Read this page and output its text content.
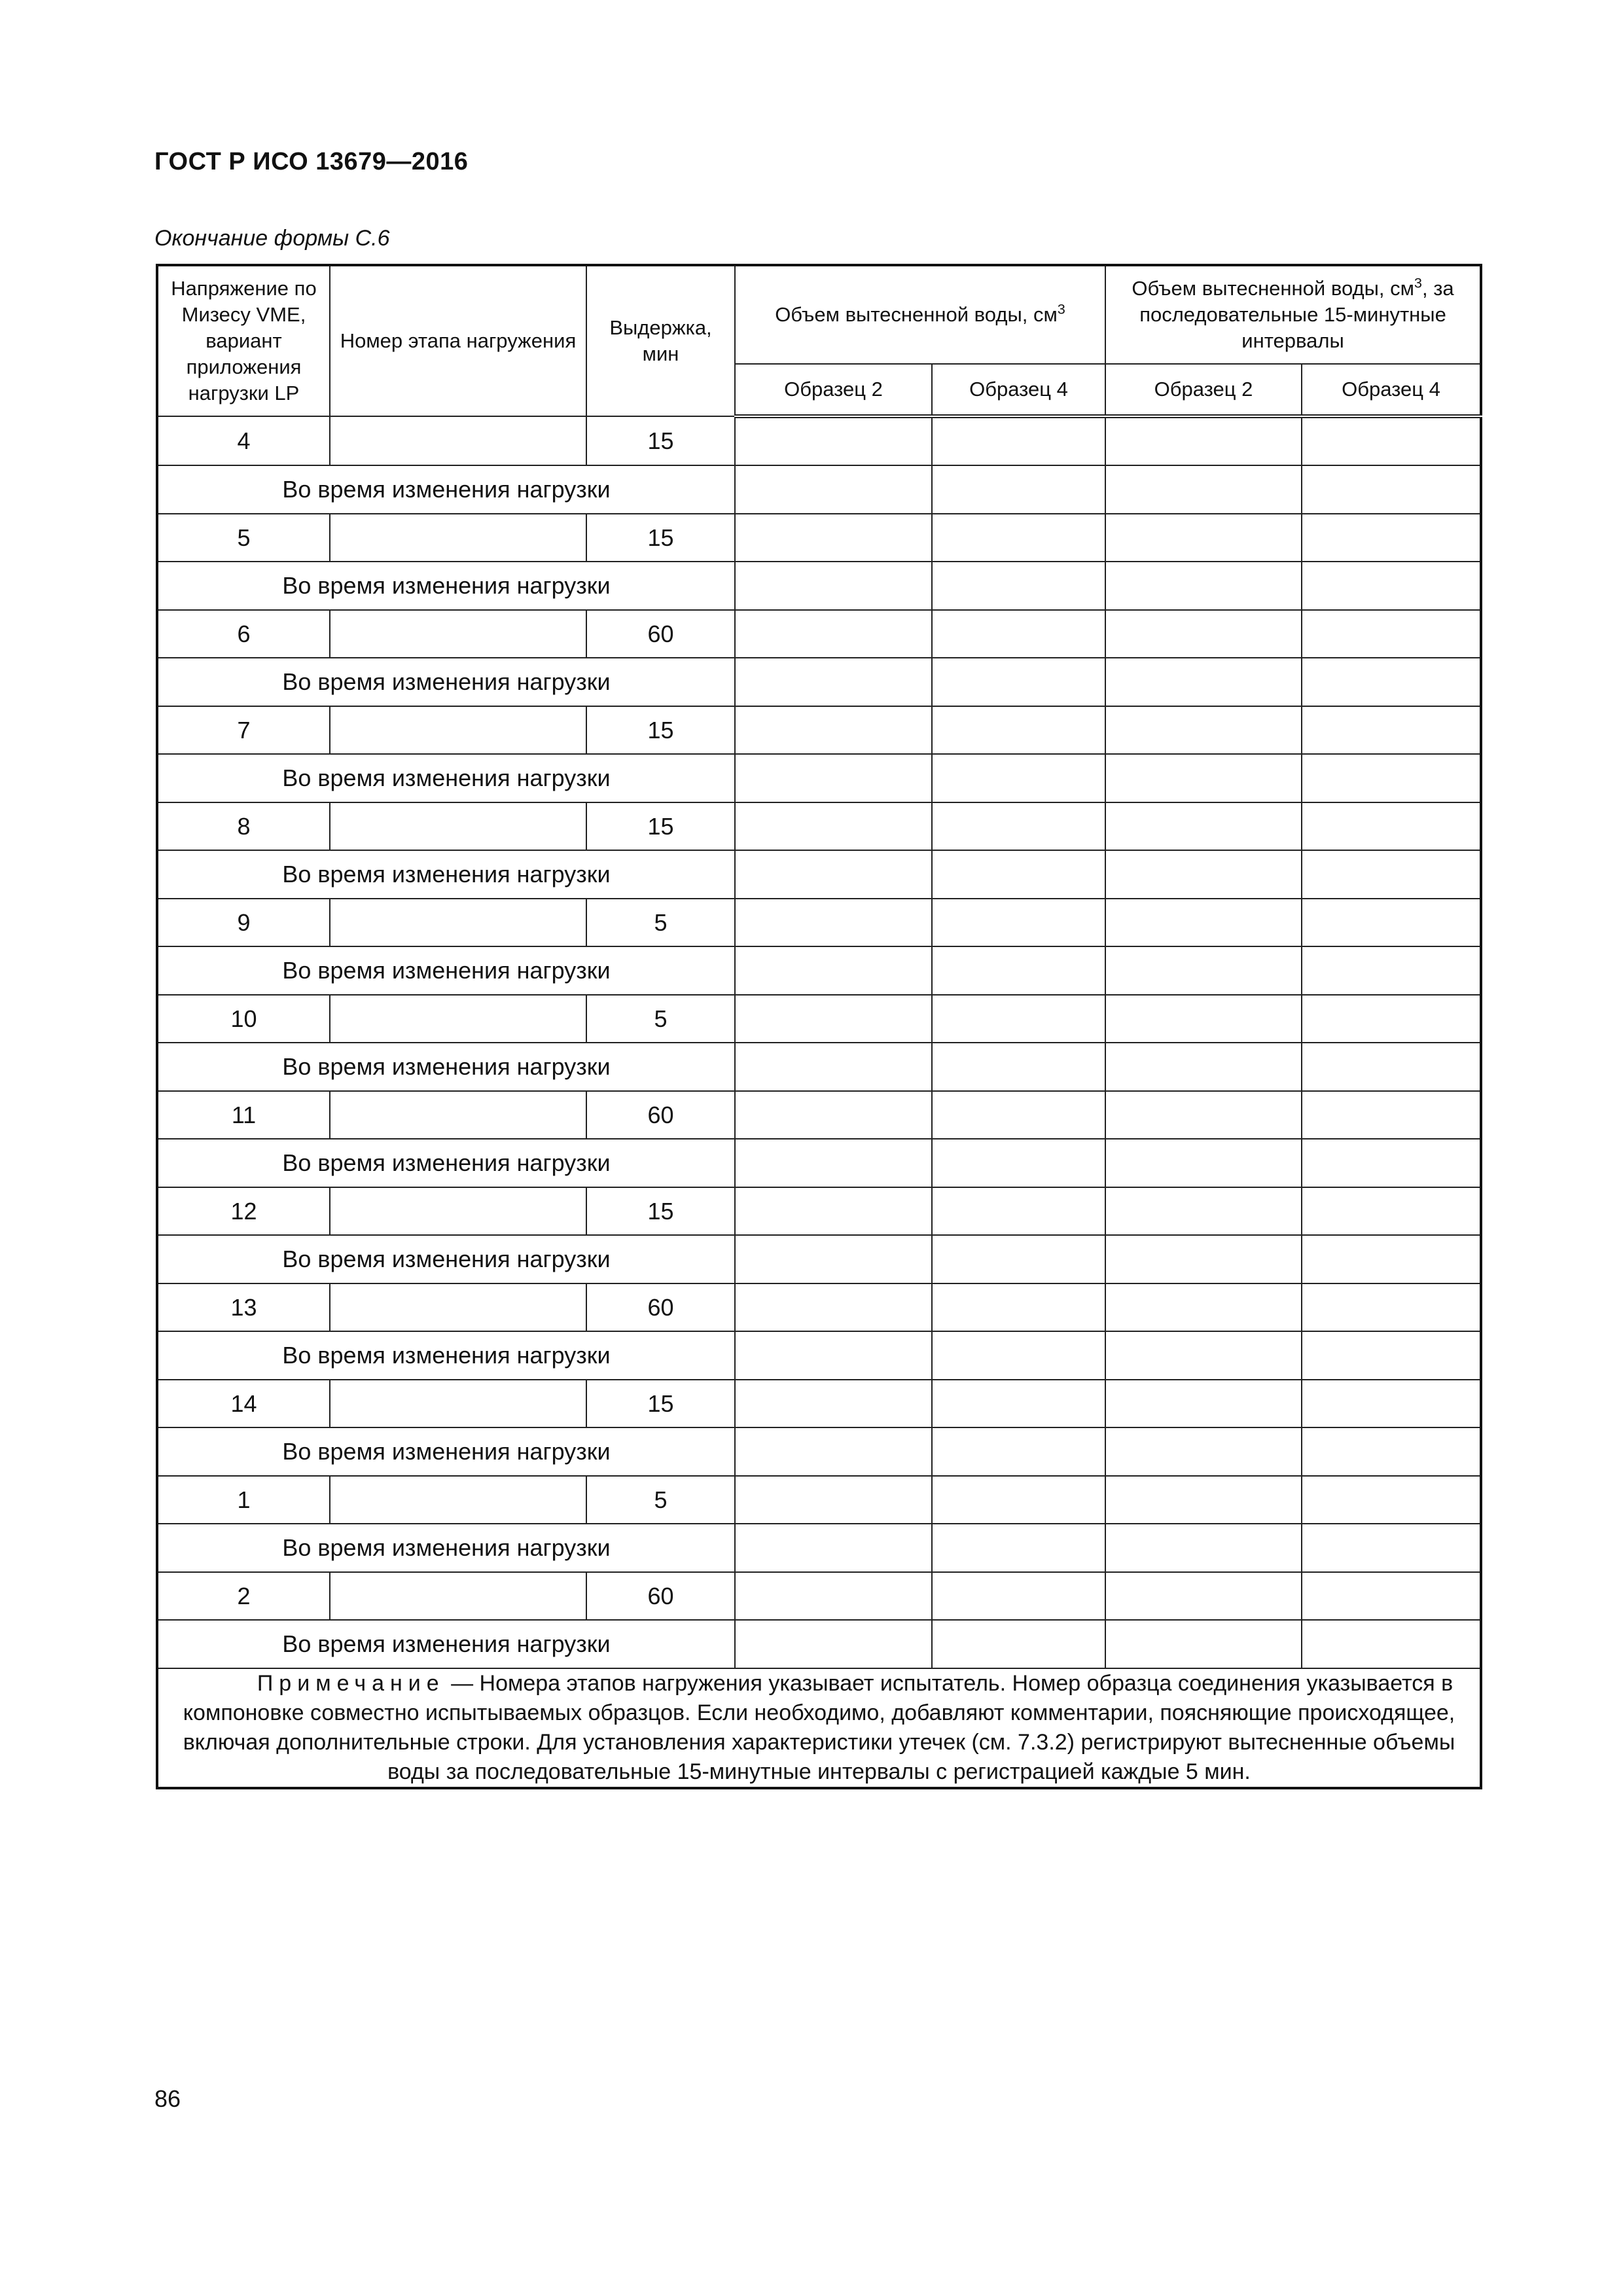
ГОСТ Р ИСО 13679—2016
Окончание формы С.6
Напряжение по Мизесу VME, вариант приложения нагрузки LP	Номер этапа нагружения	Выдержка, мин	Объем вытесненной воды, $см^3$		Объем вытесненной воды, $см^3$, за последовательные 15-минутные интервалы	
			Образец 2	Образец 4	Образец 2	Образец 4
4		15				
Во время изменения нагрузки						
5		15				
Во время изменения нагрузки						
6		60				
Во время изменения нагрузки						
7		15				
Во время изменения нагрузки						
8		15				
Во время изменения нагрузки						
9		5				
Во время изменения нагрузки						
10		5				
Во время изменения нагрузки						
11		60				
Во время изменения нагрузки						
12		15				
Во время изменения нагрузки						
13		60				
Во время изменения нагрузки						
14		15				
Во время изменения нагрузки						
1		5				
Во время изменения нагрузки						
2		60				
Во время изменения нагрузки						
Примечание — Номера этапов нагружения указывает испытатель. Номер образца соединения указывается в компоновке совместно испытываемых образцов. Если необходимо, добавляют комментарии, поясняющие происходящее, включая дополнительные строки. Для установления характеристики утечек (см. 7.3.2) регистрируют вытесненные объемы воды за последовательные 15-минутные интервалы с регистрацией каждые 5 мин.						
86
